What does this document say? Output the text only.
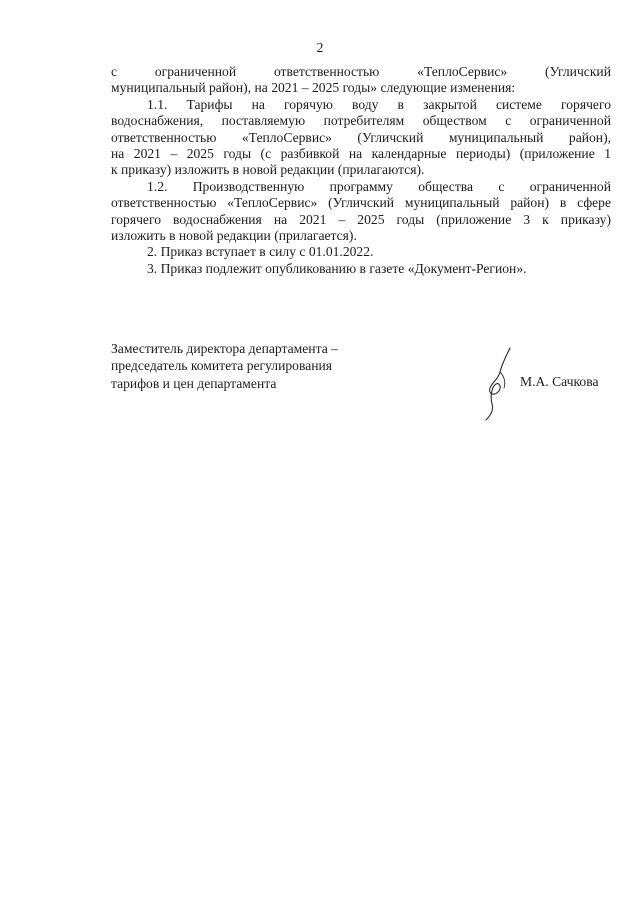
2
с ограниченной ответственностью «ТеплоСервис» (Угличский
муниципальный район), на 2021 – 2025 годы» следующие изменения:
1.1. Тарифы на горячую воду в закрытой системе горячего
водоснабжения, поставляемую потребителям обществом с ограниченной
ответственностью «ТеплоСервис» (Угличский муниципальный район),
на 2021 – 2025 годы (с разбивкой на календарные периоды) (приложение 1
к приказу) изложить в новой редакции (прилагаются).
1.2. Производственную программу общества с ограниченной
ответственностью «ТеплоСервис» (Угличский муниципальный район) в сфере
горячего водоснабжения на 2021 – 2025 годы (приложение 3 к приказу)
изложить в новой редакции (прилагается).
2. Приказ вступает в силу с 01.01.2022.
3. Приказ подлежит опубликованию в газете «Документ-Регион».
Заместитель директора департамента –
председатель комитета регулирования
тарифов и цен департамента	М.А. Сачкова
